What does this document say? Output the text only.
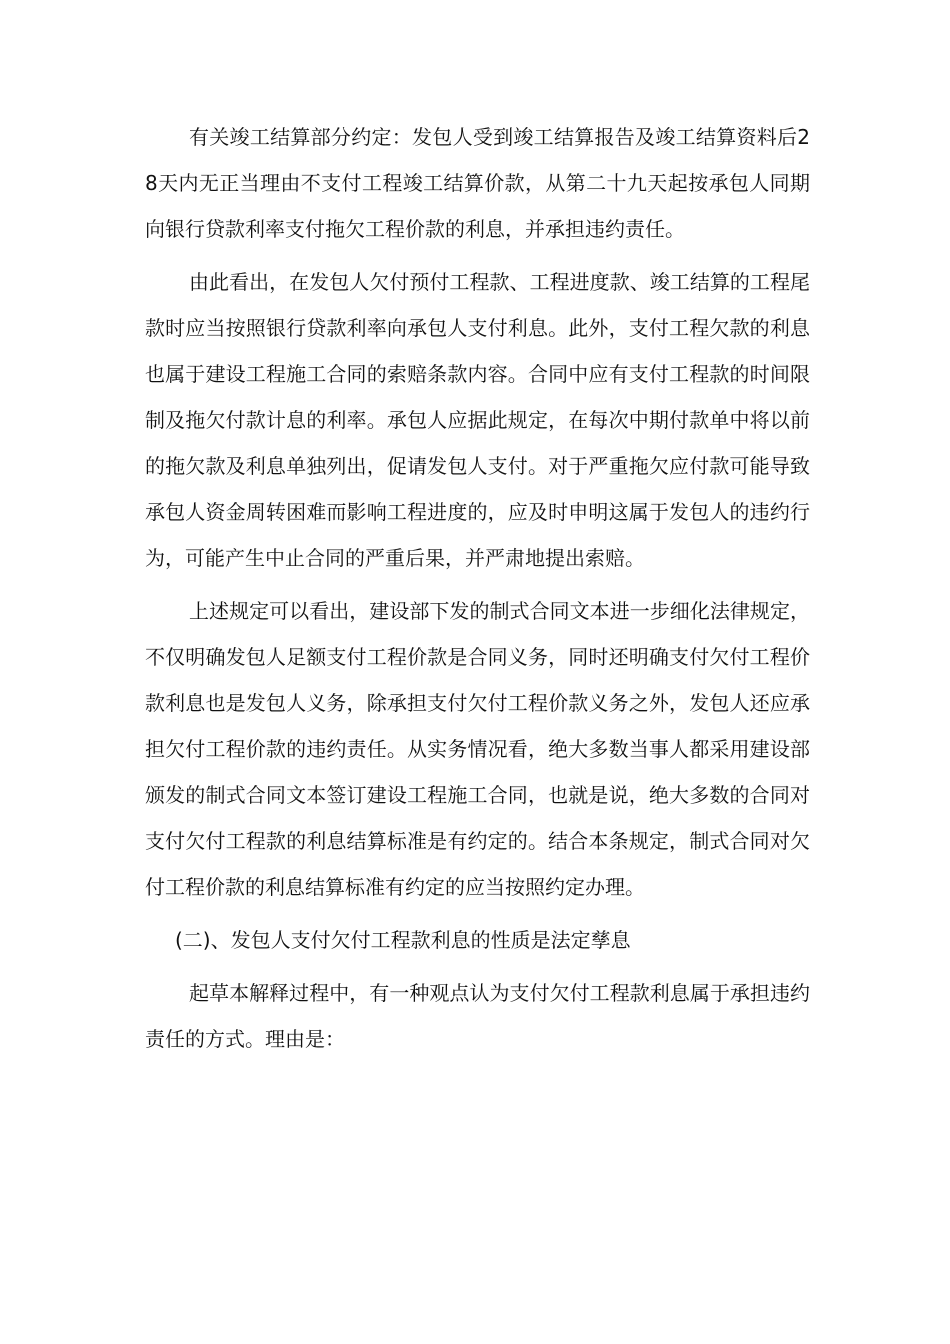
有关竣工结算部分约定：发包人受到竣工结算报告及竣工结算资料后28天内无正当理由不支付工程竣工结算价款，从第二十九天起按承包人同期向银行贷款利率支付拖欠工程价款的利息，并承担违约责任。

由此看出，在发包人欠付预付工程款、工程进度款、竣工结算的工程尾款时应当按照银行贷款利率向承包人支付利息。此外，支付工程欠款的利息也属于建设工程施工合同的索赔条款内容。合同中应有支付工程款的时间限制及拖欠付款计息的利率。承包人应据此规定，在每次中期付款单中将以前的拖欠款及利息单独列出，促请发包人支付。对于严重拖欠应付款可能导致承包人资金周转困难而影响工程进度的，应及时申明这属于发包人的违约行为，可能产生中止合同的严重后果，并严肃地提出索赔。

上述规定可以看出，建设部下发的制式合同文本进一步细化法律规定，不仅明确发包人足额支付工程价款是合同义务，同时还明确支付欠付工程价款利息也是发包人义务，除承担支付欠付工程价款义务之外，发包人还应承担欠付工程价款的违约责任。从实务情况看，绝大多数当事人都采用建设部颁发的制式合同文本签订建设工程施工合同，也就是说，绝大多数的合同对支付欠付工程款的利息结算标准是有约定的。结合本条规定，制式合同对欠付工程价款的利息结算标准有约定的应当按照约定办理。

(二)、发包人支付欠付工程款利息的性质是法定孳息

起草本解释过程中，有一种观点认为支付欠付工程款利息属于承担违约责任的方式。理由是：
